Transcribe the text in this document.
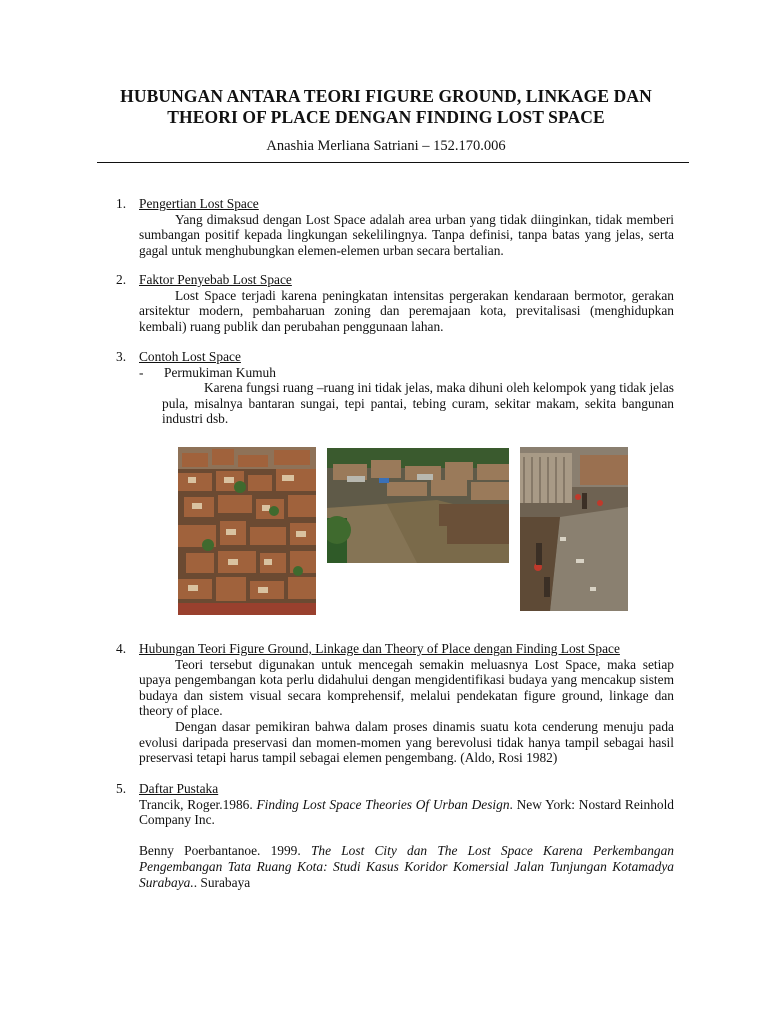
HUBUNGAN ANTARA TEORI FIGURE GROUND, LINKAGE DAN
THEORI OF PLACE DENGAN FINDING LOST SPACE
Anashia Merliana Satriani – 152.170.006
1. Pengertian Lost Space

Yang dimaksud dengan Lost Space adalah area urban yang tidak diinginkan, tidak memberi sumbangan positif kepada lingkungan sekelilingnya. Tanpa definisi, tanpa batas yang jelas, serta gagal untuk menghubungkan elemen-elemen urban secara bertalian.

2. Faktor Penyebab Lost Space

Lost Space terjadi karena peningkatan intensitas pergerakan kendaraan bermotor, gerakan arsitektur modern, pembaharuan zoning dan peremajaan kota, previtalisasi (menghidupkan kembali) ruang publik dan perubahan penggunaan lahan.

3. Contoh Lost Space
- Permukiman Kumuh

Karena fungsi ruang –ruang ini tidak jelas, maka dihuni oleh kelompok yang tidak jelas pula, misalnya bantaran sungai, tepi pantai, tebing curam, sekitar makam, sekita bangunan industri dsb.

4. Hubungan Teori Figure Ground, Linkage dan Theory of Place dengan Finding Lost Space

Teori tersebut digunakan untuk mencegah semakin meluasnya Lost Space, maka setiap upaya pengembangan kota perlu didahului dengan mengidentifikasi budaya yang mencakup sistem budaya dan sistem visual secara komprehensif, melalui pendekatan figure ground, linkage dan theory of place.

Dengan dasar pemikiran bahwa dalam proses dinamis suatu kota cenderung menuju pada evolusi daripada preservasi dan momen-momen yang berevolusi tidak hanya tampil sebagai hasil preservasi tetapi harus tampil sebagai elemen pengembang. (Aldo, Rosi 1982)

5. Daftar Pustaka

Trancik, Roger.1986. Finding Lost Space Theories Of Urban Design. New York: Nostard Reinhold Company Inc.

Benny Poerbantanoe. 1999. The Lost City dan The Lost Space Karena Perkembangan Pengembangan Tata Ruang Kota: Studi Kasus Koridor Komersial Jalan Tunjungan Kotamadya Surabaya.. Surabaya
